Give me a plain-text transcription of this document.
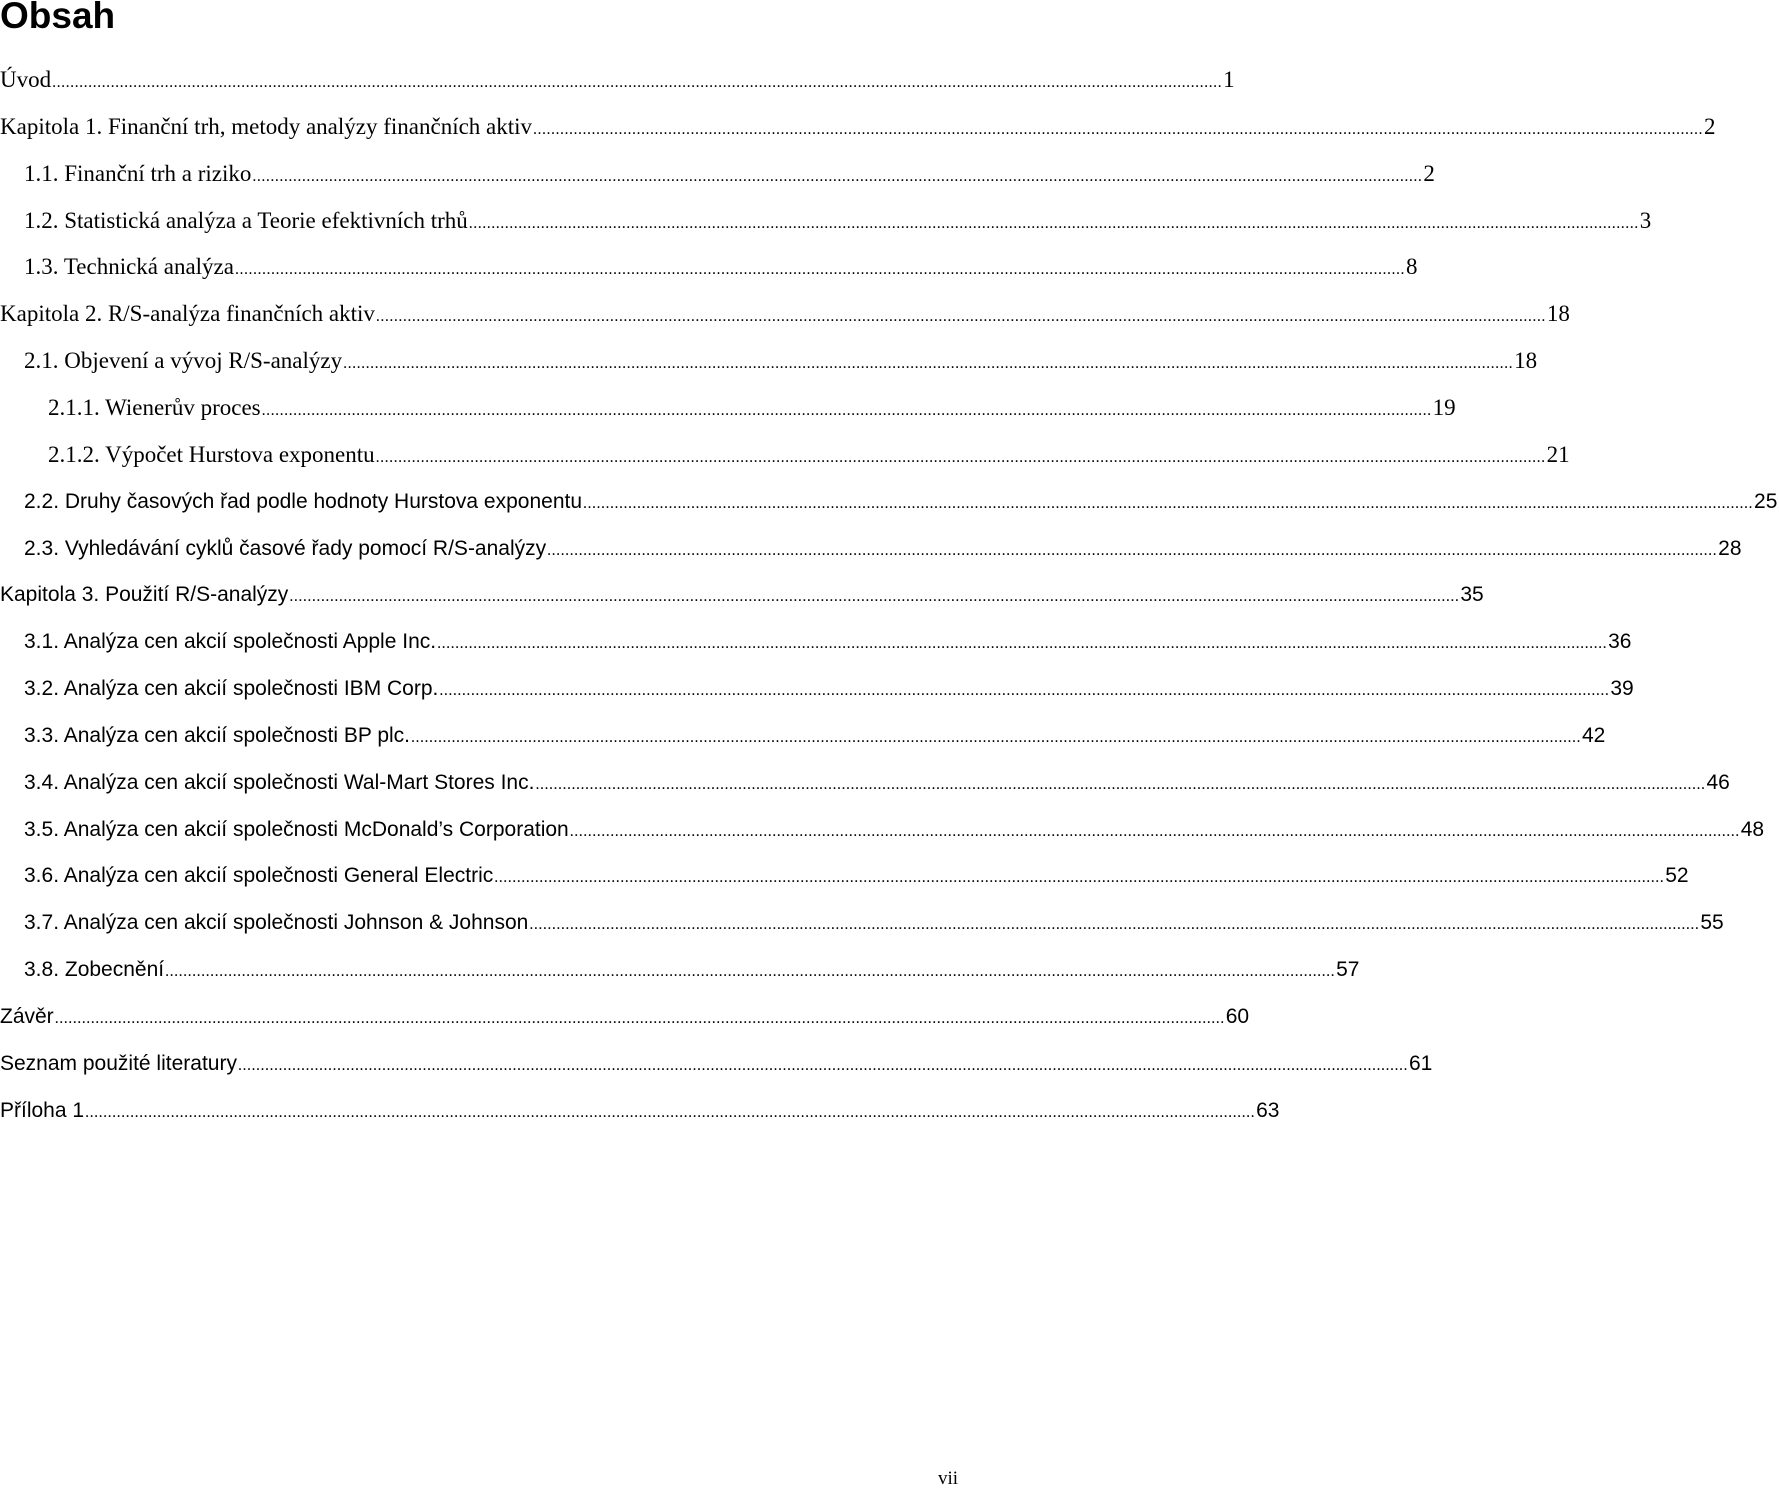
Obsah
Úvod .................................................................................................................................................................................................................................................................... 1
Kapitola 1. Finanční trh, metody analýzy finančních aktiv .................................................................................................................................................................................................................................................................... 2
1.1. Finanční trh a riziko .................................................................................................................................................................................................................................................................... 2
1.2. Statistická analýza a Teorie efektivních trhů .................................................................................................................................................................................................................................................................... 3
1.3. Technická analýza .................................................................................................................................................................................................................................................................... 8
Kapitola 2. R/S-analýza finančních aktiv .................................................................................................................................................................................................................................................................... 18
2.1. Objevení a vývoj R/S-analýzy .................................................................................................................................................................................................................................................................... 18
2.1.1. Wienerův proces .................................................................................................................................................................................................................................................................... 19
2.1.2. Výpočet Hurstova exponentu .................................................................................................................................................................................................................................................................... 21
2.2. Druhy časových řad podle hodnoty Hurstova exponentu .................................................................................................................................................................................................................................................................... 25
2.3. Vyhledávání cyklů časové řady pomocí R/S-analýzy .................................................................................................................................................................................................................................................................... 28
Kapitola 3. Použití R/S-analýzy .................................................................................................................................................................................................................................................................... 35
3.1. Analýza cen akcií společnosti Apple Inc. .................................................................................................................................................................................................................................................................... 36
3.2. Analýza cen akcií společnosti IBM Corp. .................................................................................................................................................................................................................................................................... 39
3.3. Analýza cen akcií společnosti BP plc. .................................................................................................................................................................................................................................................................... 42
3.4. Analýza cen akcií společnosti Wal-Mart Stores Inc. .................................................................................................................................................................................................................................................................... 46
3.5. Analýza cen akcií společnosti McDonald’s Corporation .................................................................................................................................................................................................................................................................... 48
3.6. Analýza cen akcií společnosti General Electric .................................................................................................................................................................................................................................................................... 52
3.7. Analýza cen akcií společnosti Johnson & Johnson .................................................................................................................................................................................................................................................................... 55
3.8. Zobecnění .................................................................................................................................................................................................................................................................... 57
Závěr .................................................................................................................................................................................................................................................................... 60
Seznam použité literatury .................................................................................................................................................................................................................................................................... 61
Příloha 1 .................................................................................................................................................................................................................................................................... 63
vii
